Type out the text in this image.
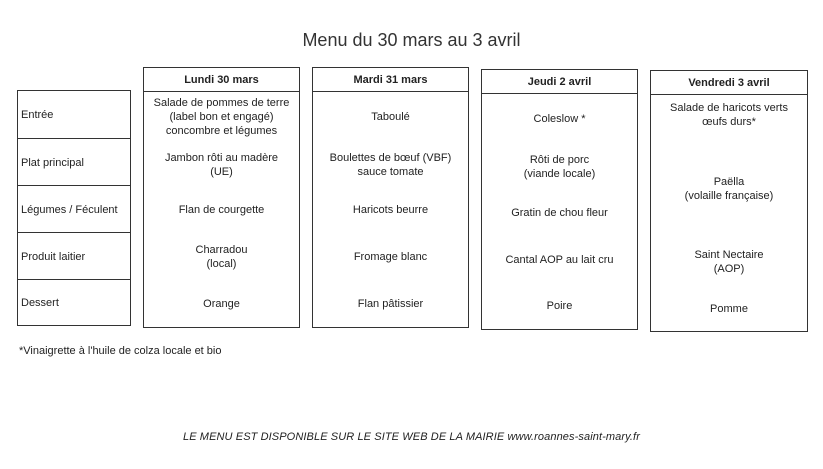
Menu du 30 mars au 3 avril
Entrée
Plat principal
Légumes / Féculent
Produit laitier
Dessert
Lundi 30 mars
Salade de pommes de terre
(label bon et engagé)
concombre et légumes
Jambon rôti au madère
(UE)
Flan de courgette
Charradou
(local)
Orange
Mardi 31 mars
Taboulé
Boulettes de bœuf (VBF)
sauce tomate
Haricots beurre
Fromage blanc
Flan pâtissier
Jeudi 2 avril
Coleslow *
Rôti de porc
(viande locale)
Gratin de chou fleur
Cantal AOP au lait cru
Poire
Vendredi 3 avril
Salade de haricots verts
œufs durs*
Paëlla
(volaille française)
Saint Nectaire
(AOP)
Pomme
*Vinaigrette à l'huile de colza locale et bio
LE MENU EST DISPONIBLE SUR LE SITE WEB DE LA MAIRIE www.roannes-saint-mary.fr
